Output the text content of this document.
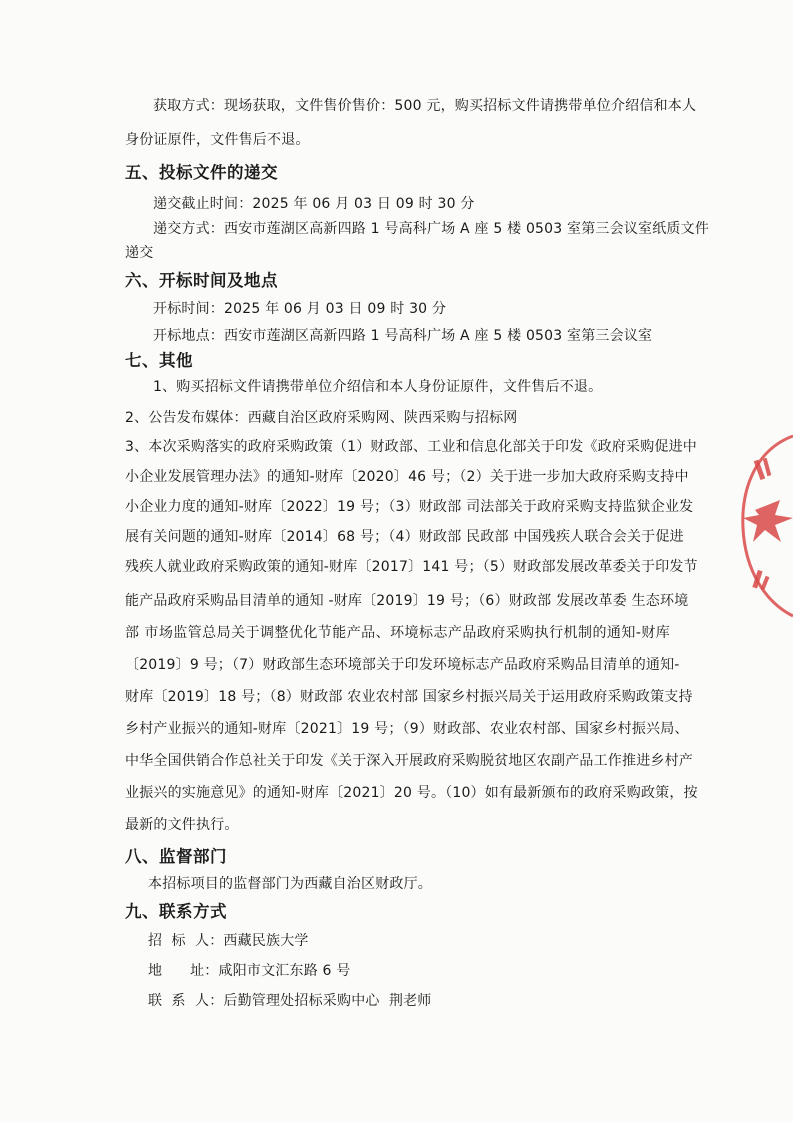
获取方式：现场获取，文件售价售价：500 元，购买招标文件请携带单位介绍信和本人
身份证原件，文件售后不退。
五、投标文件的递交
递交截止时间：2025 年 06 月 03 日 09 时 30 分
递交方式：西安市莲湖区高新四路 1 号高科广场 A 座 5 楼 0503 室第三会议室纸质文件
递交
六、开标时间及地点
开标时间：2025 年 06 月 03 日 09 时 30 分
开标地点：西安市莲湖区高新四路 1 号高科广场 A 座 5 楼 0503 室第三会议室
七、其他
1、购买招标文件请携带单位介绍信和本人身份证原件，文件售后不退。
2、公告发布媒体：西藏自治区政府采购网、陕西采购与招标网
3、本次采购落实的政府采购政策（1）财政部、工业和信息化部关于印发《政府采购促进中
小企业发展管理办法》的通知-财库〔2020〕46 号；（2）关于进一步加大政府采购支持中
小企业力度的通知-财库〔2022〕19 号；（3）财政部 司法部关于政府采购支持监狱企业发
展有关问题的通知-财库〔2014〕68 号；（4）财政部 民政部 中国残疾人联合会关于促进
残疾人就业政府采购政策的通知-财库〔2017〕141 号；（5）财政部发展改革委关于印发节
能产品政府采购品目清单的通知 -财库〔2019〕19 号；（6）财政部 发展改革委 生态环境
部 市场监管总局关于调整优化节能产品、环境标志产品政府采购执行机制的通知-财库
〔2019〕9 号；（7）财政部生态环境部关于印发环境标志产品政府采购品目清单的通知-
财库〔2019〕18 号；（8）财政部 农业农村部 国家乡村振兴局关于运用政府采购政策支持
乡村产业振兴的通知-财库〔2021〕19 号；（9）财政部、农业农村部、国家乡村振兴局、
中华全国供销合作总社关于印发《关于深入开展政府采购脱贫地区农副产品工作推进乡村产
业振兴的实施意见》的通知-财库〔2021〕20 号。（10）如有最新颁布的政府采购政策，按
最新的文件执行。
八、监督部门
本招标项目的监督部门为西藏自治区财政厅。
九、联系方式
招  标  人：西藏民族大学
地      址：咸阳市文汇东路 6 号
联  系  人：后勤管理处招标采购中心  荆老师
